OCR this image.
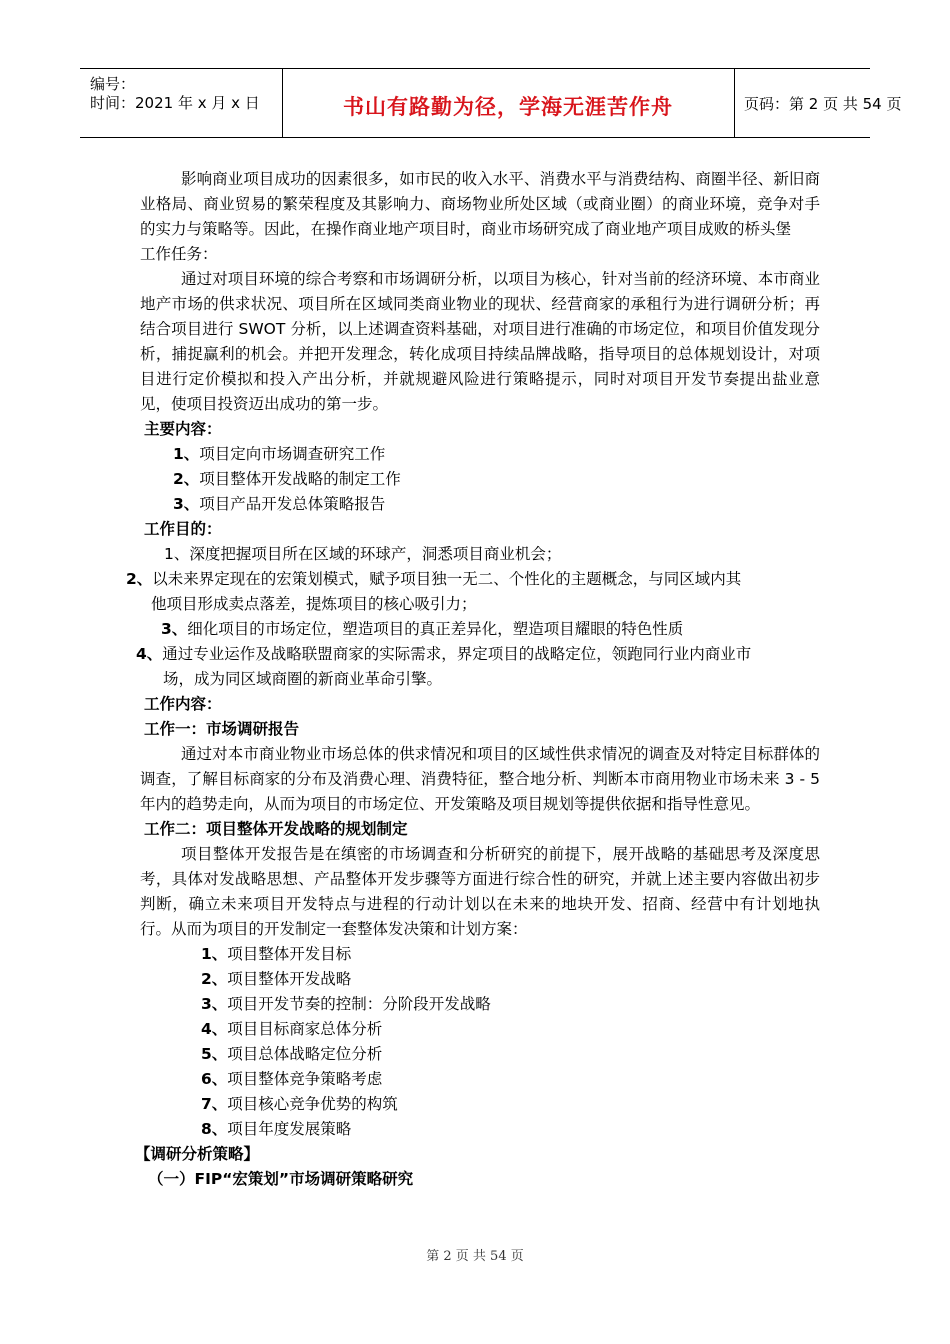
编号：
时间：2021 年 x 月 x 日	书山有路勤为径，学海无涯苦作舟	页码：第 2 页 共 54 页

影响商业项目成功的因素很多，如市民的收入水平、消费水平与消费结构、商圈半径、新旧商业格局、商业贸易的繁荣程度及其影响力、商场物业所处区域（或商业圈）的商业环境，竞争对手的实力与策略等。因此，在操作商业地产项目时，商业市场研究成了商业地产项目成败的桥头堡

工作任务：

通过对项目环境的综合考察和市场调研分析，以项目为核心，针对当前的经济环境、本市商业地产市场的供求状况、项目所在区域同类商业物业的现状、经营商家的承租行为进行调研分析；再结合项目进行 SWOT 分析，以上述调查资料基础，对项目进行准确的市场定位，和项目价值发现分析，捕捉赢利的机会。并把开发理念，转化成项目持续品牌战略，指导项目的总体规划设计，对项目进行定价模拟和投入产出分析，并就规避风险进行策略提示，同时对项目开发节奏提出盐业意见，使项目投资迈出成功的第一步。

主要内容：

1、项目定向市场调查研究工作

2、项目整体开发战略的制定工作

3、项目产品开发总体策略报告

工作目的：

1、深度把握项目所在区域的环球产，洞悉项目商业机会；

2、以未来界定现在的宏策划模式，赋予项目独一无二、个性化的主题概念，与同区域内其

他项目形成卖点落差，提炼项目的核心吸引力；

3、细化项目的市场定位，塑造项目的真正差异化，塑造项目耀眼的特色性质

4、通过专业运作及战略联盟商家的实际需求，界定项目的战略定位，领跑同行业内商业市

场，成为同区域商圈的新商业革命引擎。

工作内容：

工作一：市场调研报告

通过对本市商业物业市场总体的供求情况和项目的区域性供求情况的调查及对特定目标群体的调查，了解目标商家的分布及消费心理、消费特征，整合地分析、判断本市商用物业市场未来 3 - 5 年内的趋势走向，从而为项目的市场定位、开发策略及项目规划等提供依据和指导性意见。

工作二：项目整体开发战略的规划制定

项目整体开发报告是在缜密的市场调查和分析研究的前提下，展开战略的基础思考及深度思考，具体对发战略思想、产品整体开发步骤等方面进行综合性的研究，并就上述主要内容做出初步判断，确立未来项目开发特点与进程的行动计划以在未来的地块开发、招商、经营中有计划地执行。从而为项目的开发制定一套整体发决策和计划方案：

1、项目整体开发目标

2、项目整体开发战略

3、项目开发节奏的控制：分阶段开发战略

4、项目目标商家总体分析

5、项目总体战略定位分析

6、项目整体竞争策略考虑

7、项目核心竞争优势的构筑

8、项目年度发展策略

【调研分析策略】

（一）FIP“宏策划”市场调研策略研究

第 2 页 共 54 页
